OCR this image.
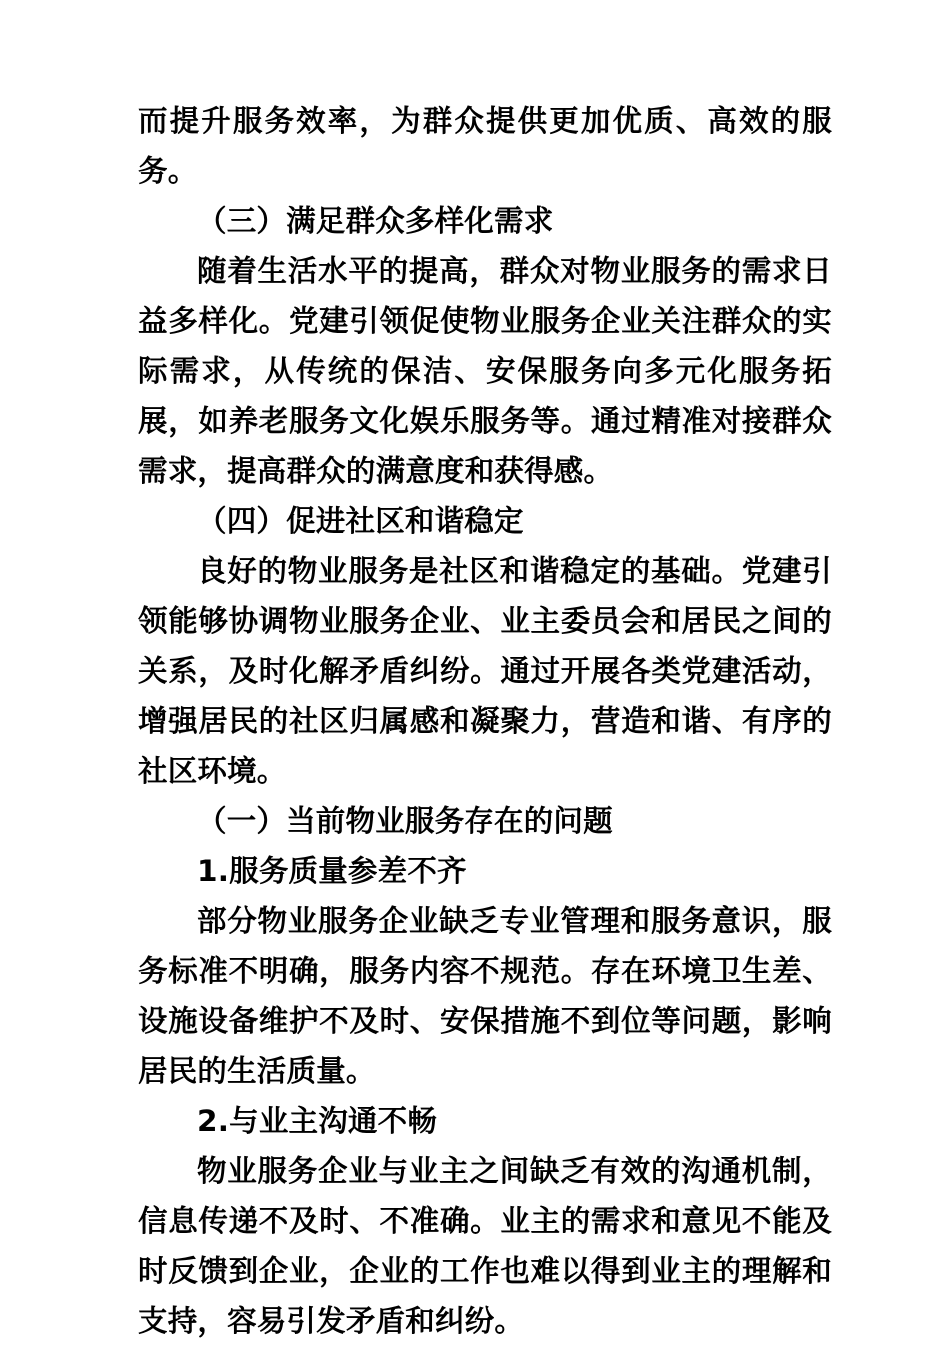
而提升服务效率，为群众提供更加优质、高效的服务。

（三）满足群众多样化需求

随着生活水平的提高，群众对物业服务的需求日益多样化。党建引领促使物业服务企业关注群众的实际需求，从传统的保洁、安保服务向多元化服务拓展，如养老服务文化娱乐服务等。通过精准对接群众需求，提高群众的满意度和获得感。

（四）促进社区和谐稳定

良好的物业服务是社区和谐稳定的基础。党建引领能够协调物业服务企业、业主委员会和居民之间的关系，及时化解矛盾纠纷。通过开展各类党建活动，增强居民的社区归属感和凝聚力，营造和谐、有序的社区环境。

（一）当前物业服务存在的问题

1.服务质量参差不齐

部分物业服务企业缺乏专业管理和服务意识，服务标准不明确，服务内容不规范。存在环境卫生差、设施设备维护不及时、安保措施不到位等问题，影响居民的生活质量。

2.与业主沟通不畅

物业服务企业与业主之间缺乏有效的沟通机制，信息传递不及时、不准确。业主的需求和意见不能及时反馈到企业，企业的工作也难以得到业主的理解和支持，容易引发矛盾和纠纷。
